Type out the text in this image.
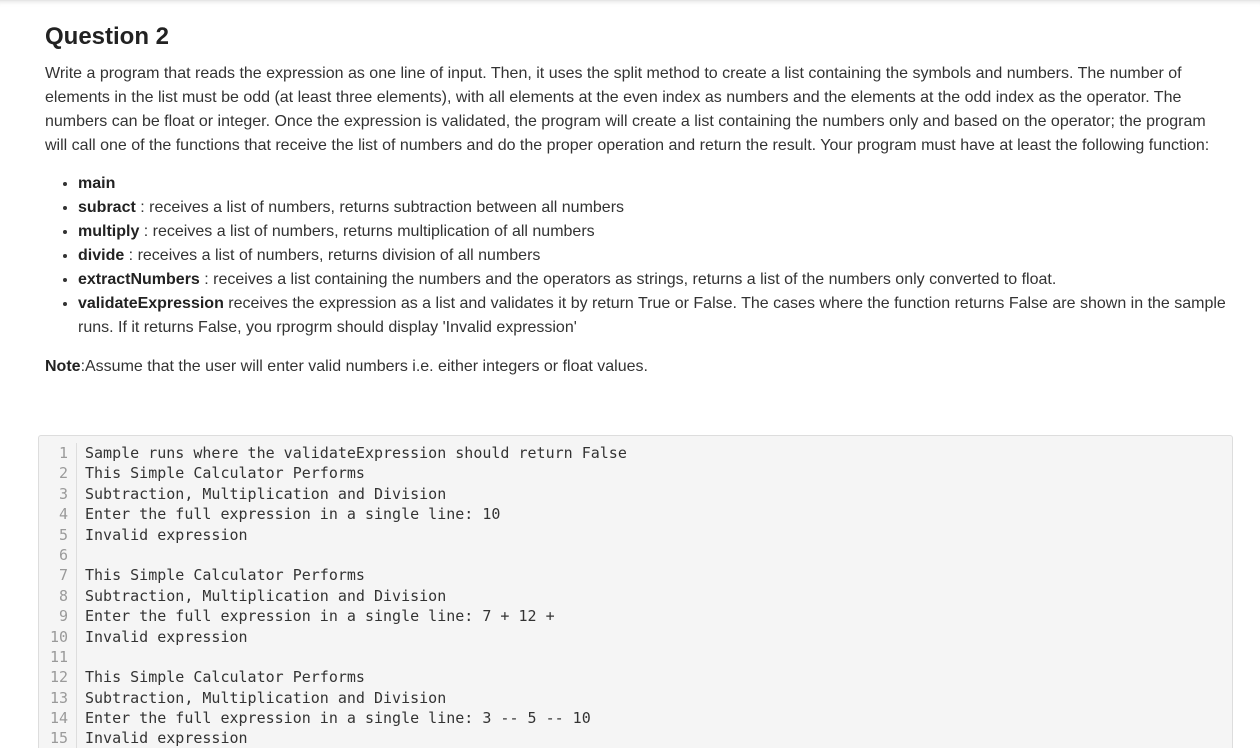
Question 2

Write a program that reads the expression as one line of input. Then, it uses the split method to create a list containing the symbols and numbers. The number of elements in the list must be odd (at least three elements), with all elements at the even index as numbers and the elements at the odd index as the operator. The numbers can be float or integer. Once the expression is validated, the program will create a list containing the numbers only and based on the operator; the program will call one of the functions that receive the list of numbers and do the proper operation and return the result. Your program must have at least the following function:

• main
• subract : receives a list of numbers, returns subtraction between all numbers
• multiply : receives a list of numbers, returns multiplication of all numbers
• divide : receives a list of numbers, returns division of all numbers
• extractNumbers : receives a list containing the numbers and the operators as strings, returns a list of the numbers only converted to float.
• validateExpression receives the expression as a list and validates it by return True or False. The cases where the function returns False are shown in the sample runs. If it returns False, you rprogrm should display 'Invalid expression'

Note:Assume that the user will enter valid numbers i.e. either integers or float values.

1	Sample runs where the validateExpression should return False
2	This Simple Calculator Performs
3	Subtraction, Multiplication and Division
4	Enter the full expression in a single line: 10
5	Invalid expression
6
7	This Simple Calculator Performs
8	Subtraction, Multiplication and Division
9	Enter the full expression in a single line: 7 + 12 +
10	Invalid expression
11
12	This Simple Calculator Performs
13	Subtraction, Multiplication and Division
14	Enter the full expression in a single line: 3 -- 5 -- 10
15	Invalid expression
